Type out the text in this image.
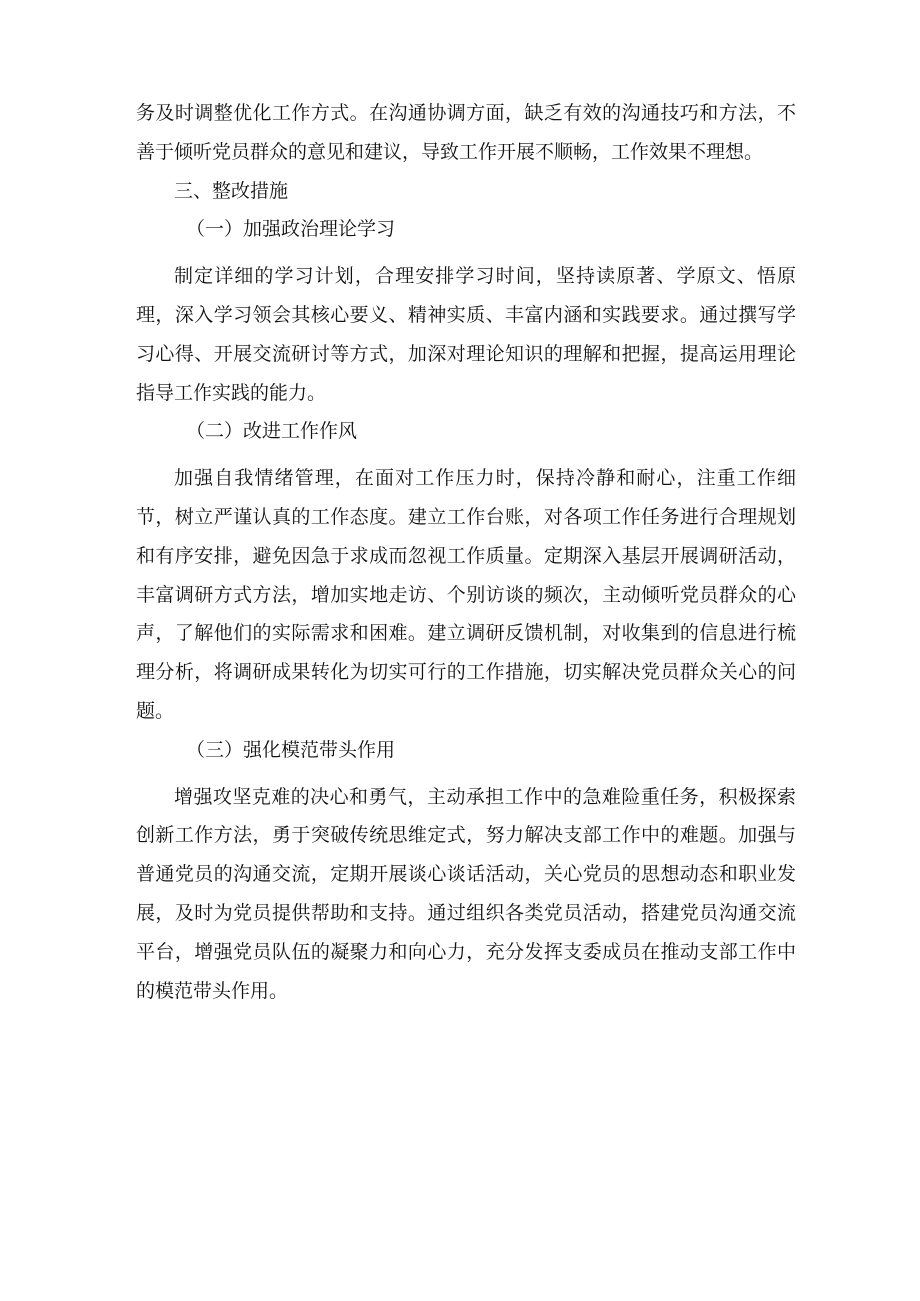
务及时调整优化工作方式。在沟通协调方面，缺乏有效的沟通技巧和方法，不善于倾听党员群众的意见和建议，导致工作开展不顺畅，工作效果不理想。

三、整改措施
（一）加强政治理论学习

制定详细的学习计划，合理安排学习时间，坚持读原著、学原文、悟原理，深入学习领会其核心要义、精神实质、丰富内涵和实践要求。通过撰写学习心得、开展交流研讨等方式，加深对理论知识的理解和把握，提高运用理论指导工作实践的能力。

（二）改进工作作风

加强自我情绪管理，在面对工作压力时，保持冷静和耐心，注重工作细节，树立严谨认真的工作态度。建立工作台账，对各项工作任务进行合理规划和有序安排，避免因急于求成而忽视工作质量。定期深入基层开展调研活动，丰富调研方式方法，增加实地走访、个别访谈的频次，主动倾听党员群众的心声，了解他们的实际需求和困难。建立调研反馈机制，对收集到的信息进行梳理分析，将调研成果转化为切实可行的工作措施，切实解决党员群众关心的问题。

（三）强化模范带头作用

增强攻坚克难的决心和勇气，主动承担工作中的急难险重任务，积极探索创新工作方法，勇于突破传统思维定式，努力解决支部工作中的难题。加强与普通党员的沟通交流，定期开展谈心谈话活动，关心党员的思想动态和职业发展，及时为党员提供帮助和支持。通过组织各类党员活动，搭建党员沟通交流平台，增强党员队伍的凝聚力和向心力，充分发挥支委成员在推动支部工作中的模范带头作用。
